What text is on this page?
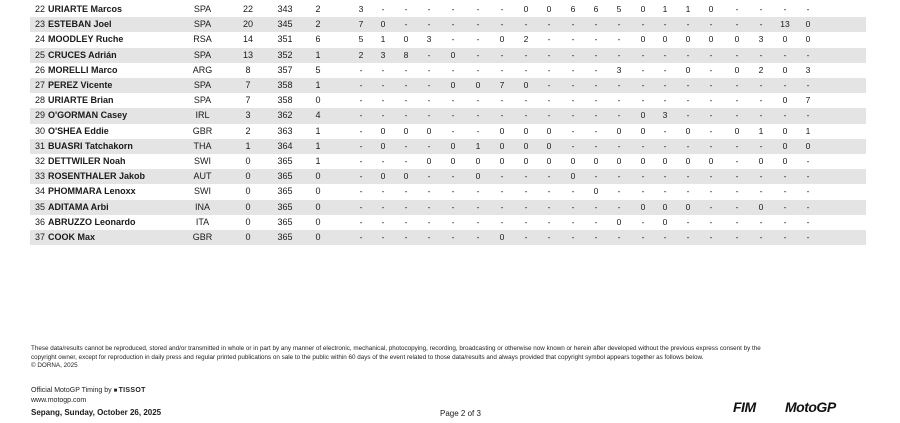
22 URIARTE Marcos	SPA	22	343	2	3	-	-	-	-	-	-	0	0	6	6	5	0	1	1	0	-	-	-	-
23 ESTEBAN Joel	SPA	20	345	2	7	0	-	-	-	-	-	-	-	-	-	-	-	-	-	-	-	-	13	0
24 MOODLEY Ruche	RSA	14	351	6	5	1	0	3	-	-	0	2	-	-	-	-	0	0	0	0	0	3	0	0
25 CRUCES Adrián	SPA	13	352	1	2	3	8	-	0	-	-	-	-	-	-	-	-	-	-	-	-	-	-	-
26 MORELLI Marco	ARG	8	357	5	-	-	-	-	-	-	-	-	-	-	-	3	-	-	0	-	0	2	0	3
27 PEREZ Vicente	SPA	7	358	1	-	-	-	-	0	0	7	0	-	-	-	-	-	-	-	-	-	-	-	-
28 URIARTE Brian	SPA	7	358	0	-	-	-	-	-	-	-	-	-	-	-	-	-	-	-	-	-	-	0	7
29 O'GORMAN Casey	IRL	3	362	4	-	-	-	-	-	-	-	-	-	-	-	-	0	3	-	-	-	-	-	-
30 O'SHEA Eddie	GBR	2	363	1	-	0	0	0	-	-	0	0	0	-	-	0	0	-	0	-	0	1	0	1
31 BUASRI Tatchakorn	THA	1	364	1	-	0	-	-	0	1	0	0	0	-	-	-	-	-	-	-	-	-	0	0
32 DETTWILER Noah	SWI	0	365	1	-	-	-	0	0	0	0	0	0	0	0	0	0	0	0	0	-	0	0	-
33 ROSENTHALER Jakob	AUT	0	365	0	-	0	0	-	-	0	-	-	-	0	-	-	-	-	-	-	-	-	-	-
34 PHOMMARA Lenoxx	SWI	0	365	0	-	-	-	-	-	-	-	-	-	-	0	-	-	-	-	-	-	-	-	-
35 ADITAMA Arbi	INA	0	365	0	-	-	-	-	-	-	-	-	-	-	-	-	0	0	0	-	-	0	-	-
36 ABRUZZO Leonardo	ITA	0	365	0	-	-	-	-	-	-	-	-	-	-	-	0	-	0	-	-	-	-	-	-
37 COOK Max	GBR	0	365	0	-	-	-	-	-	-	0	-	-	-	-	-	-	-	-	-	-	-	-	-

These data/results cannot be reproduced, stored and/or transmitted in whole or in part by any manner of electronic, mechanical, photocopying, recording, broadcasting or otherwise now known or herein after developed without the previous express consent by the

copyright owner, except for reproduction in daily press and regular printed publications on sale to the public within 60 days of the event related to those data/results and always provided that copyright symbol appears together as follows below.

© DORNA, 2025

Official MotoGP Timing by ■ TISSOT
www.motogp.com
Sepang, Sunday, October 26, 2025	Page 2 of 3	FIM MotoGP
